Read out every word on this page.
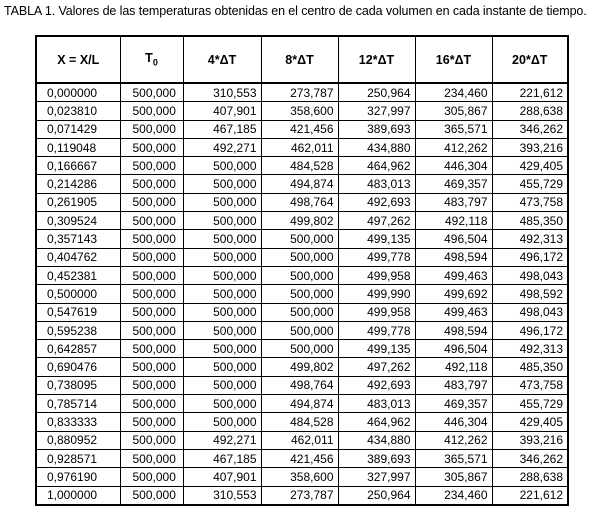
TABLA 1. Valores de las temperaturas obtenidas en el centro de cada volumen en cada instante de tiempo.
X = X/L	$T_0$	4*ΔT	8*ΔT	12*ΔT	16*ΔT	20*ΔT
0,000000	500,000	310,553	273,787	250,964	234,460	221,612
0,023810	500,000	407,901	358,600	327,997	305,867	288,638
0,071429	500,000	467,185	421,456	389,693	365,571	346,262
0,119048	500,000	492,271	462,011	434,880	412,262	393,216
0,166667	500,000	500,000	484,528	464,962	446,304	429,405
0,214286	500,000	500,000	494,874	483,013	469,357	455,729
0,261905	500,000	500,000	498,764	492,693	483,797	473,758
0,309524	500,000	500,000	499,802	497,262	492,118	485,350
0,357143	500,000	500,000	500,000	499,135	496,504	492,313
0,404762	500,000	500,000	500,000	499,778	498,594	496,172
0,452381	500,000	500,000	500,000	499,958	499,463	498,043
0,500000	500,000	500,000	500,000	499,990	499,692	498,592
0,547619	500,000	500,000	500,000	499,958	499,463	498,043
0,595238	500,000	500,000	500,000	499,778	498,594	496,172
0,642857	500,000	500,000	500,000	499,135	496,504	492,313
0,690476	500,000	500,000	499,802	497,262	492,118	485,350
0,738095	500,000	500,000	498,764	492,693	483,797	473,758
0,785714	500,000	500,000	494,874	483,013	469,357	455,729
0,833333	500,000	500,000	484,528	464,962	446,304	429,405
0,880952	500,000	492,271	462,011	434,880	412,262	393,216
0,928571	500,000	467,185	421,456	389,693	365,571	346,262
0,976190	500,000	407,901	358,600	327,997	305,867	288,638
1,000000	500,000	310,553	273,787	250,964	234,460	221,612
